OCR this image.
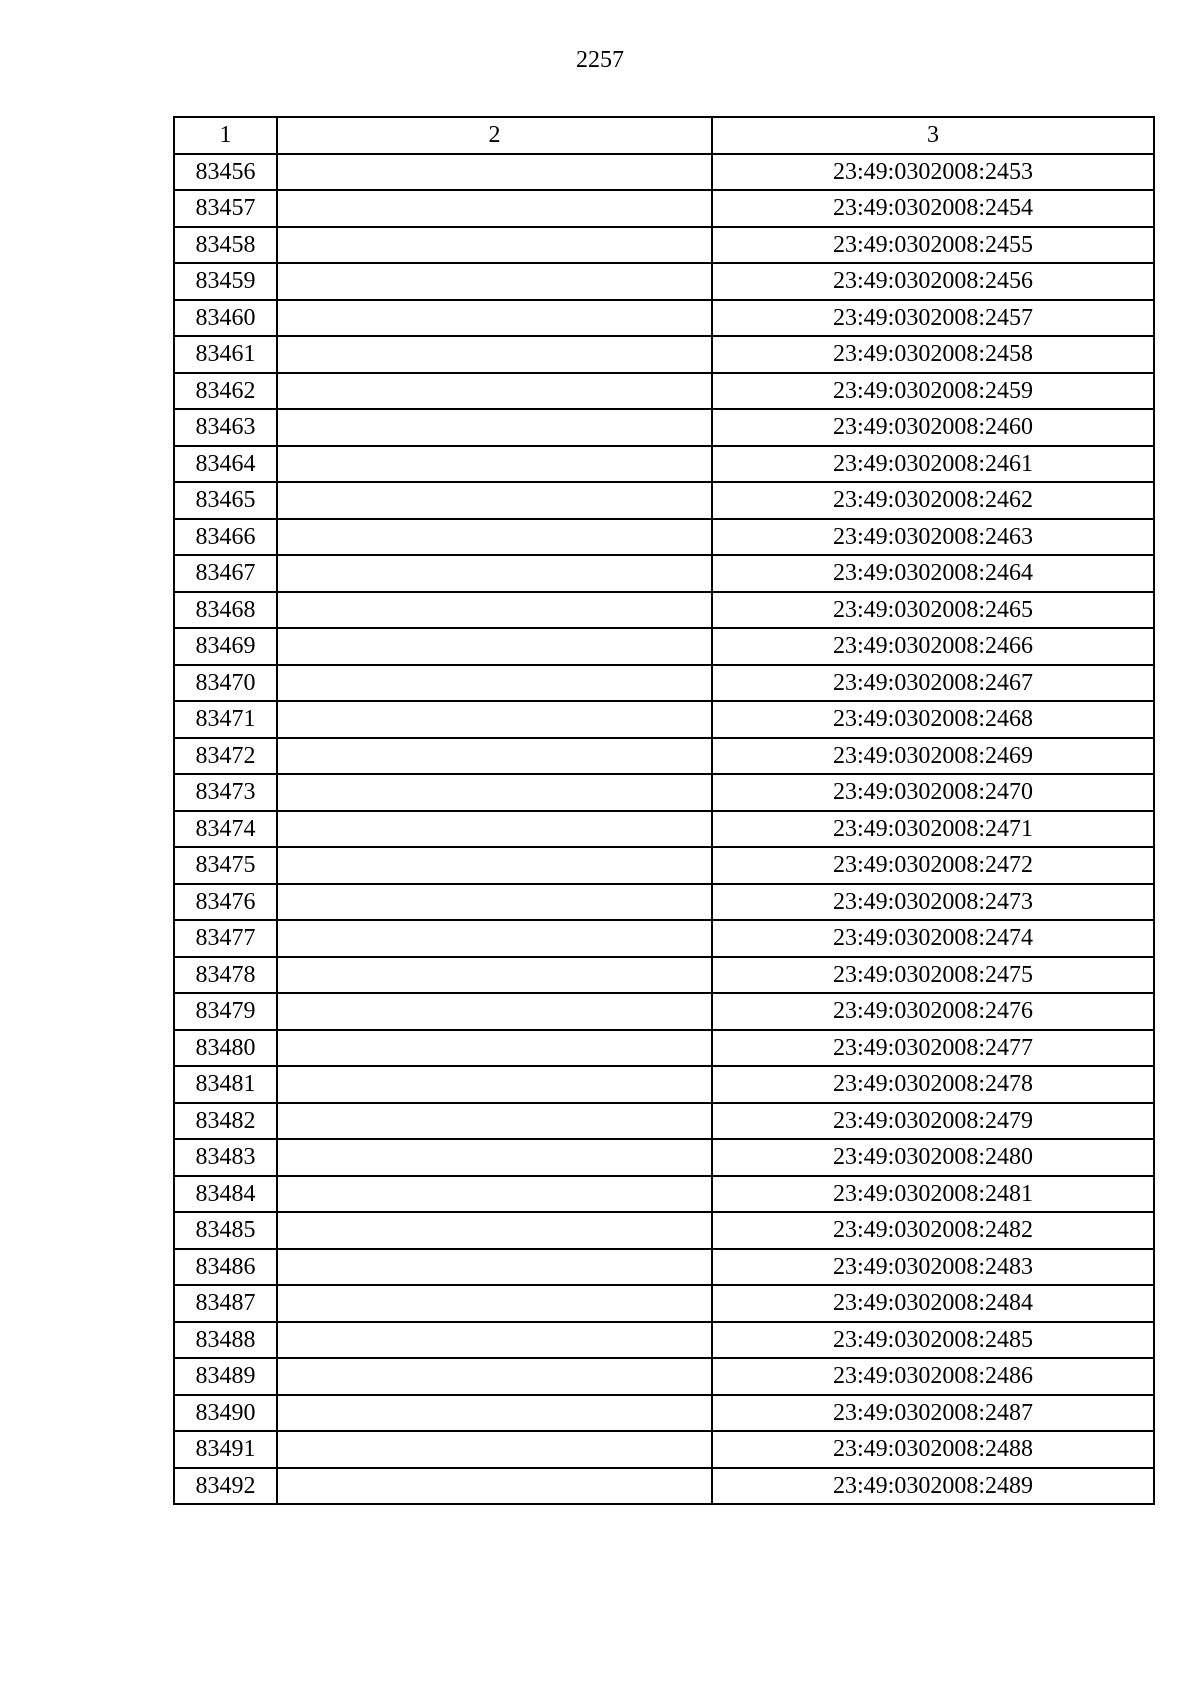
2257
1	2	3
83456		23:49:0302008:2453
83457		23:49:0302008:2454
83458		23:49:0302008:2455
83459		23:49:0302008:2456
83460		23:49:0302008:2457
83461		23:49:0302008:2458
83462		23:49:0302008:2459
83463		23:49:0302008:2460
83464		23:49:0302008:2461
83465		23:49:0302008:2462
83466		23:49:0302008:2463
83467		23:49:0302008:2464
83468		23:49:0302008:2465
83469		23:49:0302008:2466
83470		23:49:0302008:2467
83471		23:49:0302008:2468
83472		23:49:0302008:2469
83473		23:49:0302008:2470
83474		23:49:0302008:2471
83475		23:49:0302008:2472
83476		23:49:0302008:2473
83477		23:49:0302008:2474
83478		23:49:0302008:2475
83479		23:49:0302008:2476
83480		23:49:0302008:2477
83481		23:49:0302008:2478
83482		23:49:0302008:2479
83483		23:49:0302008:2480
83484		23:49:0302008:2481
83485		23:49:0302008:2482
83486		23:49:0302008:2483
83487		23:49:0302008:2484
83488		23:49:0302008:2485
83489		23:49:0302008:2486
83490		23:49:0302008:2487
83491		23:49:0302008:2488
83492		23:49:0302008:2489
